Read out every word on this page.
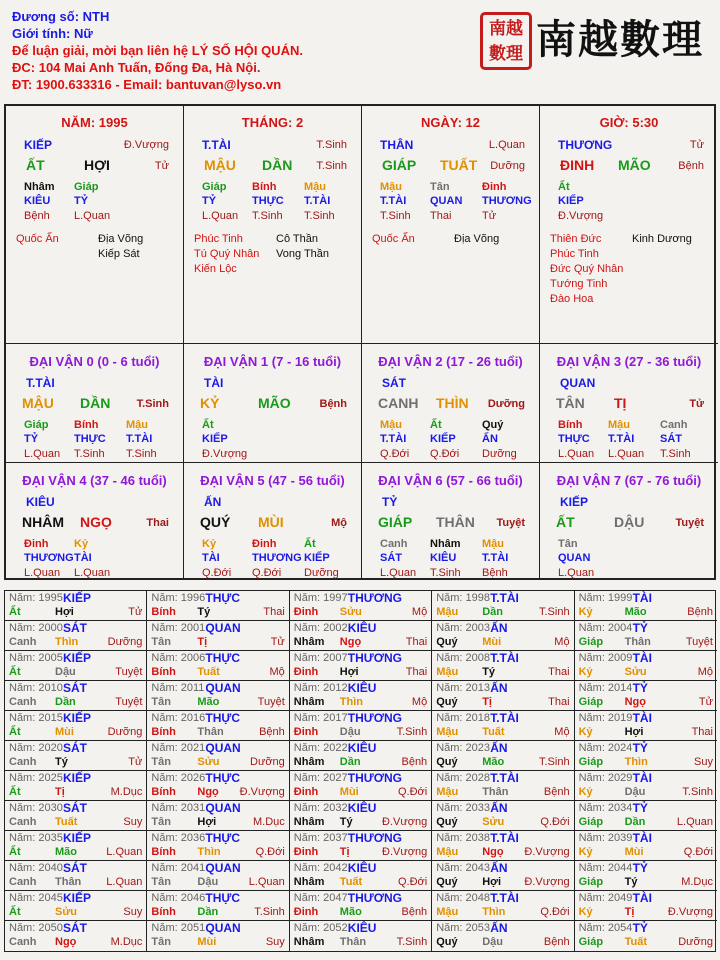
Đương số: NTH
Giới tính: Nữ
Để luận giải, mời bạn liên hệ LÝ SỐ HỘI QUÁN.
ĐC: 104 Mai Anh Tuấn, Đống Đa, Hà Nội.
ĐT: 1900.633316 - Email: bantuvan@lyso.vn
南越
數理 南越數理
NĂM: 1995
KIẾP	Đ.Vượng
ẤT	HỢI	Tử
Nhâm
KIÊU
Bệnh
Giáp
TỶ
L.Quan
Quốc Ấn	Địa Võng
Kiếp Sát
THÁNG: 2
T.TÀI	T.Sinh
MẬU DẦN T.Sinh
Giáp
TỶ
L.Quan
Bính
THỰC
T.Sinh
Mậu
T.TÀI
T.Sinh
Phúc Tinh
Tú Quý Nhân
Kiến Lộc
Cô Thần
Vong Thần
NGÀY: 12
THÂN	L.Quan
GIÁP TUẤT Dưỡng
Mậu
T.TÀI
T.Sinh
Tân
QUAN
Thai
Đinh
THƯƠNG
Tử
Quốc Ấn	Địa Võng
GIỜ: 5:30
THƯƠNG	Tử
ĐINH MÃO	Bệnh
Ất
KIẾP
Đ.Vượng
Thiên Đức
Phúc Tinh
Đức Quý Nhân
Tướng Tinh
Đào Hoa
Kinh Dương
ĐẠI VẬN 0 (0 - 6 tuổi)
T.TÀI
MẬU DẦN T.Sinh
Giáp
TỶ
L.Quan
Bính
THỰC
T.Sinh
Mậu
T.TÀI
T.Sinh
ĐẠI VẬN 1 (7 - 16 tuổi)
TÀI
KỶ	MÃO	Bệnh
Ất
KIẾP
Đ.Vượng
ĐẠI VẬN 2 (17 - 26 tuổi)
SÁT
CANH THÌN Dưỡng
Mậu
T.TÀI
Q.Đới
Ất
KIẾP
Q.Đới
Quý
ẤN
Dưỡng
ĐẠI VẬN 3 (27 - 36 tuổi)
QUAN
TÂN TỊ	Tử
Bính
THỰC
L.Quan
Mậu
T.TÀI
L.Quan
Canh
SÁT
T.Sinh
ĐẠI VẬN 4 (37 - 46 tuổi)
KIÊU
NHÂM NGỌ	Thai
Đinh
THƯƠNG
L.Quan
Kỷ
TÀI
L.Quan
ĐẠI VẬN 5 (47 - 56 tuổi)
ẤN
QUÝ MÙI	Mộ
Kỷ
TÀI
Q.Đới
Đinh
THƯƠNG
Q.Đới
Ất
KIẾP
Dưỡng
ĐẠI VẬN 6 (57 - 66 tuổi)
TỶ
GIÁP THÂN Tuyệt
Canh
SÁT
L.Quan
Nhâm
KIÊU
T.Sinh
Mậu
T.TÀI
Bệnh
ĐẠI VẬN 7 (67 - 76 tuổi)
KIẾP
ẤT	DẬU	Tuyệt
Tân
QUAN
L.Quan
Năm: 1995 KIẾP
Ất	Hợi	Tử
Năm: 1996 THỰC
Bính Tý	Thai
Năm: 1997 THƯƠNG
Đinh Sửu	Mộ
Năm: 1998 T.TÀI
Mậu Dần	T.Sinh
Năm: 1999 TÀI
Kỷ	Mão	Bệnh
Năm: 2000 SÁT
Canh Thìn	Dưỡng
Năm: 2001 QUAN
Tân Tị	Tử
Năm: 2002 KIÊU
Nhâm Ngọ	Thai
Năm: 2003 ẤN
Quý Mùi	Mộ
Năm: 2004 TỶ
Giáp Thân	Tuyệt
Năm: 2005 KIẾP
Ất	Dậu	Tuyệt
Năm: 2006 THỰC
Bính Tuất	Mộ
Năm: 2007 THƯƠNG
Đinh Hợi	Thai
Năm: 2008 T.TÀI
Mậu Tý	Thai
Năm: 2009 TÀI
Kỷ	Sửu	Mộ
Năm: 2010 SÁT
Canh Dần	Tuyệt
Năm: 2011 QUAN
Tân Mão	Tuyệt
Năm: 2012 KIÊU
Nhâm Thìn	Mộ
Năm: 2013 ẤN
Quý Tị	Thai
Năm: 2014 TỶ
Giáp Ngọ	Tử
Năm: 2015 KIẾP
Ất	Mùi	Dưỡng
Năm: 2016 THỰC
Bính Thân	Bệnh
Năm: 2017 THƯƠNG
Đinh Dậu	T.Sinh
Năm: 2018 T.TÀI
Mậu Tuất	Mộ
Năm: 2019 TÀI
Kỷ	Hợi	Thai
Năm: 2020 SÁT
Canh Tý	Tử
Năm: 2021 QUAN
Tân Sửu	Dưỡng
Năm: 2022 KIÊU
Nhâm Dần	Bệnh
Năm: 2023 ẤN
Quý Mão	T.Sinh
Năm: 2024 TỶ
Giáp Thìn	Suy
Năm: 2025 KIẾP
Ất	Tị	M.Dục
Năm: 2026 THỰC
Bính Ngọ Đ.Vượng
Năm: 2027 THƯƠNG
Đinh Mùi	Q.Đới
Năm: 2028 T.TÀI
Mậu Thân	Bệnh
Năm: 2029 TÀI
Kỷ	Dậu	T.Sinh
Năm: 2030 SÁT
Canh Tuất	Suy
Năm: 2031 QUAN
Tân Hợi	M.Dục
Năm: 2032 KIÊU
Nhâm Tý	Đ.Vượng
Năm: 2033 ẤN
Quý Sửu	Q.Đới
Năm: 2034 TỶ
Giáp Dần	L.Quan
Năm: 2035 KIẾP
Ất	Mão	L.Quan
Năm: 2036 THỰC
Bính Thìn	Q.Đới
Năm: 2037 THƯƠNG
Đinh Tị	Đ.Vượng
Năm: 2038 T.TÀI
Mậu Ngọ Đ.Vượng
Năm: 2039 TÀI
Kỷ	Mùi	Q.Đới
Năm: 2040 SÁT
Canh Thân L.Quan
Năm: 2041 QUAN
Tân Dậu	L.Quan
Năm: 2042 KIÊU
Nhâm Tuất	Q.Đới
Năm: 2043 ẤN
Quý Hợi Đ.Vượng
Năm: 2044 TỶ
Giáp Tý	M.Dục
Năm: 2045 KIẾP
Ất	Sửu	Suy
Năm: 2046 THỰC
Bính Dần	T.Sinh
Năm: 2047 THƯƠNG
Đinh Mão	Bệnh
Năm: 2048 T.TÀI
Mậu Thìn	Q.Đới
Năm: 2049 TÀI
Kỷ	Tị	Đ.Vượng
Năm: 2050 SÁT
Canh Ngọ	M.Dục
Năm: 2051 QUAN
Tân Mùi	Suy
Năm: 2052 KIÊU
Nhâm Thân	T.Sinh
Năm: 2053 ẤN
Quý Dậu	Bệnh
Năm: 2054 TỶ
Giáp Tuất	Dưỡng
